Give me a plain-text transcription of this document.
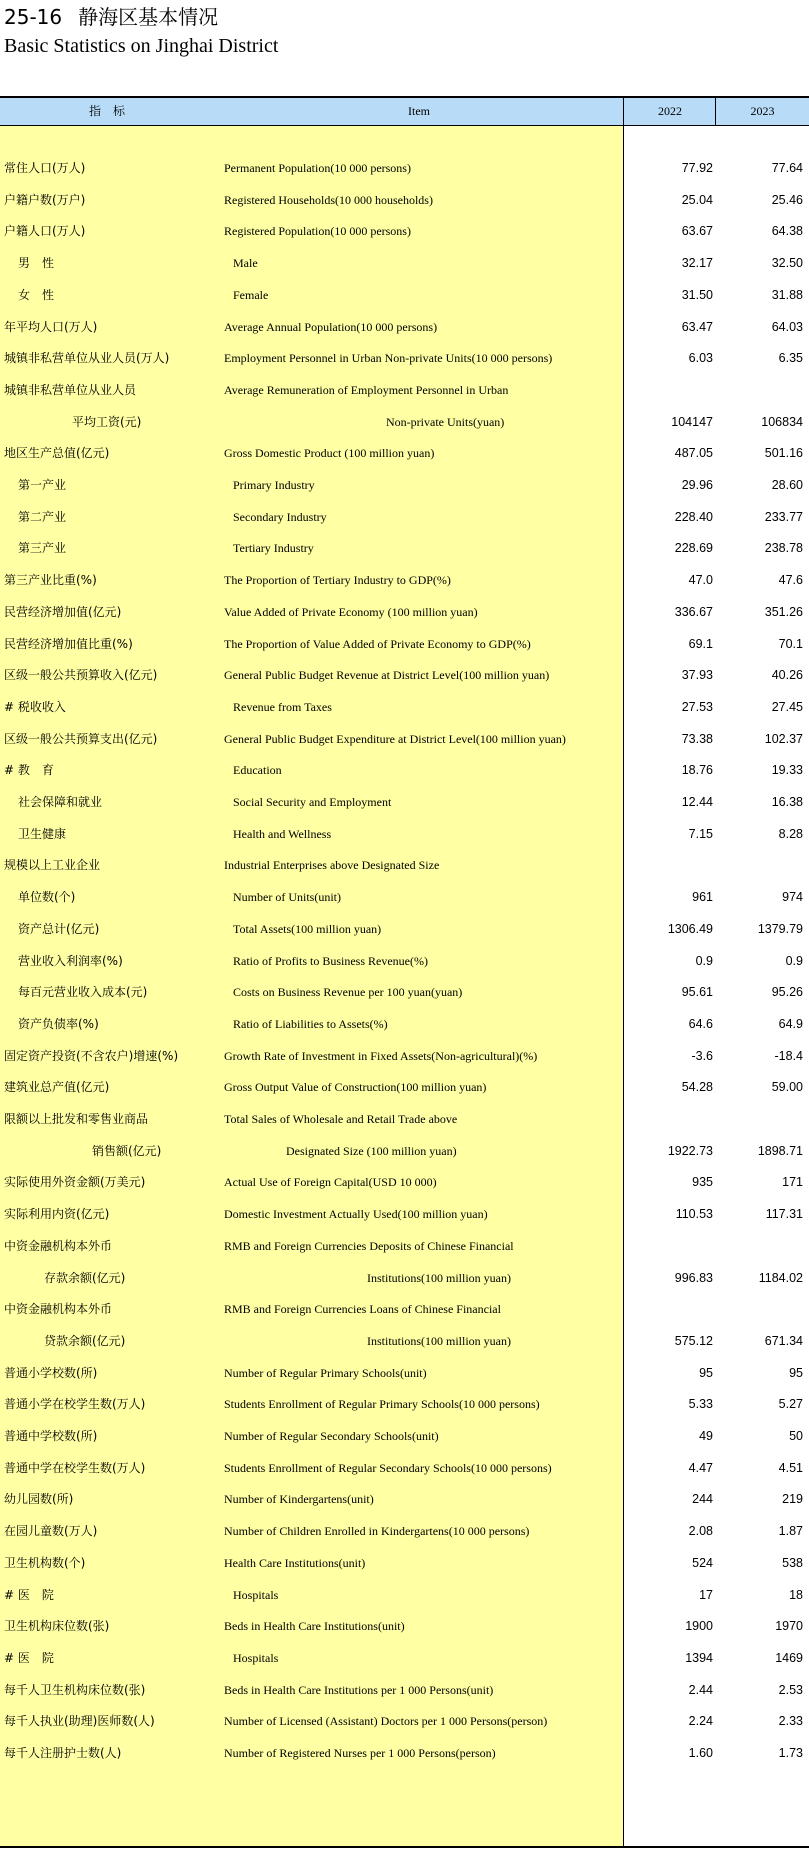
25-16 静海区基本情况
Basic Statistics on Jinghai District
指　标	Item	2022	2023
常住人口(万人)	Permanent Population(10 000 persons)	77.92	77.64
户籍户数(万户)	Registered Households(10 000 households)	25.04	25.46
户籍人口(万人)	Registered Population(10 000 persons)	63.67	64.38
男　性	Male	32.17	32.50
女　性	Female	31.50	31.88
年平均人口(万人)	Average Annual Population(10 000 persons)	63.47	64.03
城镇非私营单位从业人员(万人)	Employment Personnel in Urban Non-private Units(10 000 persons)	6.03	6.35
城镇非私营单位从业人员	Average Remuneration of Employment Personnel in Urban
平均工资(元)	Non-private Units(yuan)	104147	106834
地区生产总值(亿元)	Gross Domestic Product (100 million yuan)	487.05	501.16
第一产业	Primary Industry	29.96	28.60
第二产业	Secondary Industry	228.40	233.77
第三产业	Tertiary Industry	228.69	238.78
第三产业比重(%)	The Proportion of Tertiary Industry to GDP(%)	47.0	47.6
民营经济增加值(亿元)	Value Added of Private Economy (100 million yuan)	336.67	351.26
民营经济增加值比重(%)	The Proportion of Value Added of Private Economy to GDP(%)	69.1	70.1
区级一般公共预算收入(亿元)	General Public Budget Revenue at District Level(100 million yuan)	37.93	40.26
# 税收收入	Revenue from Taxes	27.53	27.45
区级一般公共预算支出(亿元)	General Public Budget Expenditure at District Level(100 million yuan)	73.38	102.37
# 教　育	Education	18.76	19.33
社会保障和就业	Social Security and Employment	12.44	16.38
卫生健康	Health and Wellness	7.15	8.28
规模以上工业企业	Industrial Enterprises above Designated Size
单位数(个)	Number of Units(unit)	961	974
资产总计(亿元)	Total Assets(100 million yuan)	1306.49	1379.79
营业收入利润率(%)	Ratio of Profits to Business Revenue(%)	0.9	0.9
每百元营业收入成本(元)	Costs on Business Revenue per 100 yuan(yuan)	95.61	95.26
资产负债率(%)	Ratio of Liabilities to Assets(%)	64.6	64.9
固定资产投资(不含农户)增速(%)	Growth Rate of Investment in Fixed Assets(Non-agricultural)(%)	-3.6	-18.4
建筑业总产值(亿元)	Gross Output Value of Construction(100 million yuan)	54.28	59.00
限额以上批发和零售业商品	Total Sales of Wholesale and Retail Trade above
销售额(亿元)	Designated Size (100 million yuan)	1922.73	1898.71
实际使用外资金额(万美元)	Actual Use of Foreign Capital(USD 10 000)	935	171
实际利用内资(亿元)	Domestic Investment Actually Used(100 million yuan)	110.53	117.31
中资金融机构本外币	RMB and Foreign Currencies Deposits of Chinese Financial
存款余额(亿元)	Institutions(100 million yuan)	996.83	1184.02
中资金融机构本外币	RMB and Foreign Currencies Loans of Chinese Financial
贷款余额(亿元)	Institutions(100 million yuan)	575.12	671.34
普通小学校数(所)	Number of Regular Primary Schools(unit)	95	95
普通小学在校学生数(万人)	Students Enrollment of Regular Primary Schools(10 000 persons)	5.33	5.27
普通中学校数(所)	Number of Regular Secondary Schools(unit)	49	50
普通中学在校学生数(万人)	Students Enrollment of Regular Secondary Schools(10 000 persons)	4.47	4.51
幼儿园数(所)	Number of Kindergartens(unit)	244	219
在园儿童数(万人)	Number of Children Enrolled in Kindergartens(10 000 persons)	2.08	1.87
卫生机构数(个)	Health Care Institutions(unit)	524	538
# 医　院	Hospitals	17	18
卫生机构床位数(张)	Beds in Health Care Institutions(unit)	1900	1970
# 医　院	Hospitals	1394	1469
每千人卫生机构床位数(张)	Beds in Health Care Institutions per 1 000 Persons(unit)	2.44	2.53
每千人执业(助理)医师数(人)	Number of Licensed (Assistant) Doctors per 1 000 Persons(person)	2.24	2.33
每千人注册护士数(人)	Number of Registered Nurses per 1 000 Persons(person)	1.60	1.73
